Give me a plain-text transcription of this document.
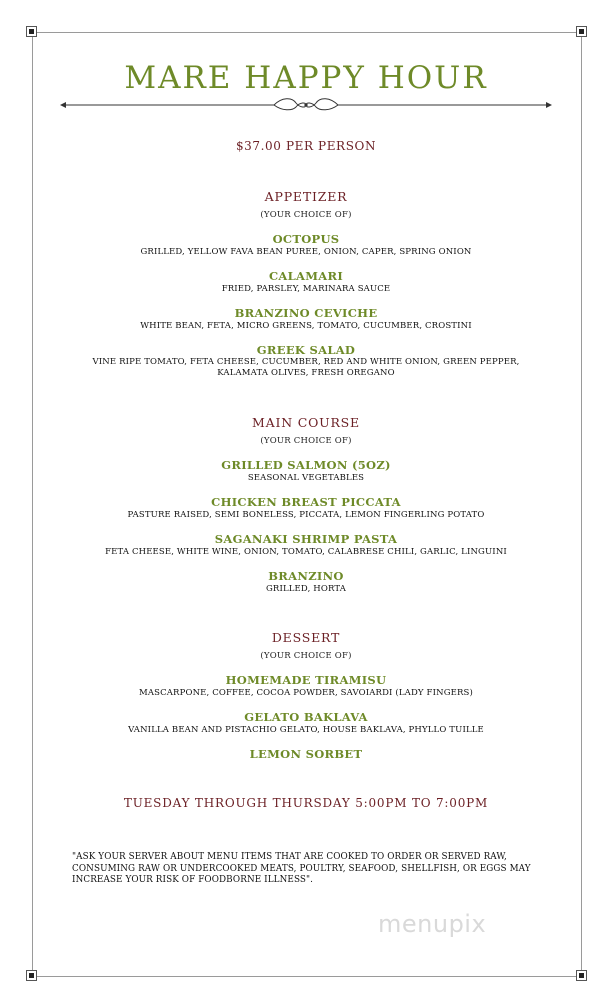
MARE HAPPY HOUR
$37.00 PER PERSON
APPETIZER
(YOUR CHOICE OF)
OCTOPUS
GRILLED, YELLOW FAVA BEAN PUREE, ONION, CAPER, SPRING ONION
CALAMARI
FRIED, PARSLEY, MARINARA SAUCE
BRANZINO CEVICHE
WHITE BEAN, FETA, MICRO GREENS, TOMATO, CUCUMBER, CROSTINI
GREEK SALAD
VINE RIPE TOMATO, FETA CHEESE, CUCUMBER, RED AND WHITE ONION, GREEN PEPPER, KALAMATA OLIVES, FRESH OREGANO
MAIN COURSE
(YOUR CHOICE OF)
GRILLED SALMON (5OZ)
SEASONAL VEGETABLES
CHICKEN BREAST PICCATA
PASTURE RAISED, SEMI BONELESS, PICCATA, LEMON FINGERLING POTATO
SAGANAKI SHRIMP PASTA
FETA CHEESE, WHITE WINE, ONION, TOMATO, CALABRESE CHILI, GARLIC, LINGUINI
BRANZINO
GRILLED, HORTA
DESSERT
(YOUR CHOICE OF)
HOMEMADE TIRAMISU
MASCARPONE, COFFEE, COCOA POWDER, SAVOIARDI (LADY FINGERS)
GELATO BAKLAVA
VANILLA BEAN AND PISTACHIO GELATO, HOUSE BAKLAVA, PHYLLO TUILLE
LEMON SORBET
TUESDAY THROUGH THURSDAY 5:00PM TO 7:00PM
"ASK YOUR SERVER ABOUT MENU ITEMS THAT ARE COOKED TO ORDER OR SERVED RAW, CONSUMING RAW OR UNDERCOOKED MEATS, POULTRY, SEAFOOD, SHELLFISH, OR EGGS MAY INCREASE YOUR RISK OF FOODBORNE ILLNESS".
menupix
